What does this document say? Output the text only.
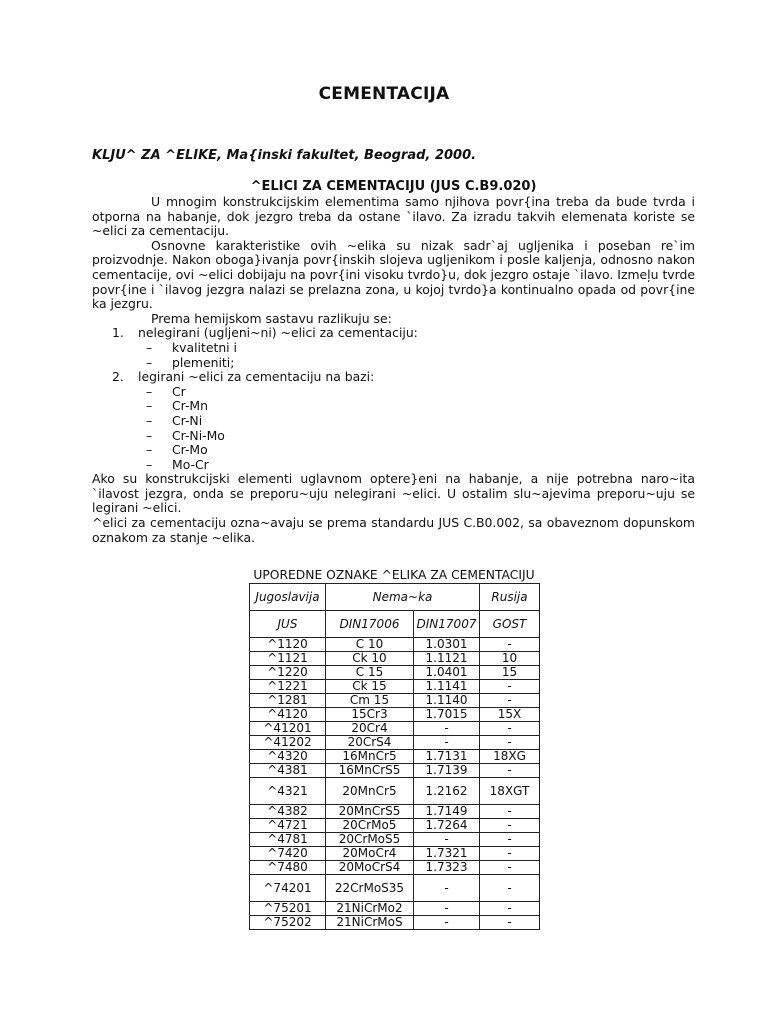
CEMENTACIJA
KLJU^ ZA ^ELIKE, Ma{inski fakultet, Beograd, 2000.
^ELICI ZA CEMENTACIJU (JUS C.B9.020)

U mnogim konstrukcijskim elementima samo njihova povr{ina treba da bude tvrda i otporna na habanje, dok jezgro treba da ostane `ilavo. Za izradu takvih elemenata koriste se ~elici za cementaciju.

Osnovne karakteristike ovih ~elika su nizak sadr`aj ugljenika i poseban re`im proizvodnje. Nakon oboga}ivanja povr{inskih slojeva ugljenikom i posle kaljenja, odnosno nakon cementacije, ovi ~elici dobijaju na povr{ini visoku tvrdo}u, dok jezgro ostaje `ilavo. Izmeļu tvrde povr{ine i `ilavog jezgra nalazi se prelazna zona, u kojoj tvrdo}a kontinualno opada od povr{ine ka jezgru.

Prema hemijskom sastavu razlikuju se:

1. nelegirani (ugljeni~ni) ~elici za cementaciju:
– kvalitetni i
– plemeniti;
2. legirani ~elici za cementaciju na bazi:
– Cr
– Cr-Mn
– Cr-Ni
– Cr-Ni-Mo
– Cr-Mo
– Mo-Cr

Ako su konstrukcijski elementi uglavnom optere}eni na habanje, a nije potrebna naro~ita `ilavost jezgra, onda se preporu~uju nelegirani ~elici. U ostalim slu~ajevima preporu~uju se legirani ~elici.

^elici za cementaciju ozna~avaju se prema standardu JUS C.B0.002, sa obaveznom dopunskom oznakom za stanje ~elika.

UPOREDNE OZNAKE ^ELIKA ZA CEMENTACIJU
Jugoslavija	Nema~ka		Rusija
JUS	DIN17006	DIN17007	GOST
^1120	C 10	1.0301	-
^1121	Ck 10	1.1121	10
^1220	C 15	1.0401	15
^1221	Ck 15	1.1141	-
^1281	Cm 15	1.1140	-
^4120	15Cr3	1.7015	15X
^41201	20Cr4	-	-
^41202	20CrS4	-	-
^4320	16MnCr5	1.7131	18XG
^4381	16MnCrS5	1.7139	-
^4321	20MnCr5	1.2162	18XGT
^4382	20MnCrS5	1.7149	-
^4721	20CrMo5	1.7264	-
^4781	20CrMoS5	-	-
^7420	20MoCr4	1.7321	-
^7480	20MoCrS4	1.7323	-
^74201	22CrMoS35	-	-
^75201	21NiCrMo2	-	-
^75202	21NiCrMoS	-	-
